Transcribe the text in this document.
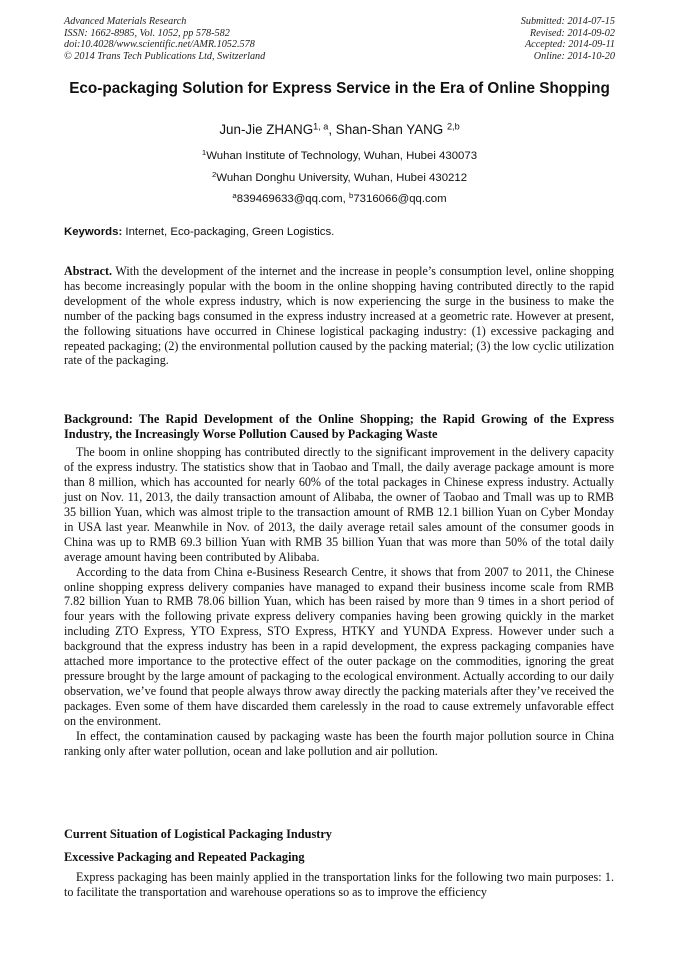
Advanced Materials Research
ISSN: 1662-8985, Vol. 1052, pp 578-582
doi:10.4028/www.scientific.net/AMR.1052.578
© 2014 Trans Tech Publications Ltd, Switzerland
Submitted: 2014-07-15
Revised: 2014-09-02
Accepted: 2014-09-11
Online: 2014-10-20
Eco-packaging Solution for Express Service in the Era of Online Shopping
Jun-Jie ZHANG$^{1, a}$, Shan-Shan YANG $^{2,b}$
$^1$Wuhan Institute of Technology, Wuhan, Hubei 430073
$^2$Wuhan Donghu University, Wuhan, Hubei 430212
$^a$839469633@qq.com, $^b$7316066@qq.com
Keywords: Internet, Eco-packaging, Green Logistics.

Abstract. With the development of the internet and the increase in people’s consumption level, online shopping has become increasingly popular with the boom in the online shopping having contributed directly to the rapid development of the whole express industry, which is now experiencing the surge in the business to make the number of the packing bags consumed in the express industry increased at a geometric rate. However at present, the following situations have occurred in Chinese logistical packaging industry: (1) excessive packaging and repeated packaging; (2) the environmental pollution caused by the packing material; (3) the low cyclic utilization rate of the packaging.

Background: The Rapid Development of the Online Shopping; the Rapid Growing of the Express Industry, the Increasingly Worse Pollution Caused by Packaging Waste

The boom in online shopping has contributed directly to the significant improvement in the delivery capacity of the express industry. The statistics show that in Taobao and Tmall, the daily average package amount is more than 8 million, which has accounted for nearly 60% of the total packages in Chinese express industry. Actually just on Nov. 11, 2013, the daily transaction amount of Alibaba, the owner of Taobao and Tmall was up to RMB 35 billion Yuan, which was almost triple to the transaction amount of RMB 12.1 billion Yuan on Cyber Monday in USA last year. Meanwhile in Nov. of 2013, the daily average retail sales amount of the consumer goods in China was up to RMB 69.3 billion Yuan with RMB 35 billion Yuan that was more than 50% of the total daily average amount having been contributed by Alibaba.

According to the data from China e-Business Research Centre, it shows that from 2007 to 2011, the Chinese online shopping express delivery companies have managed to expand their business income scale from RMB 7.82 billion Yuan to RMB 78.06 billion Yuan, which has been raised by more than 9 times in a short period of four years with the following private express delivery companies having been growing quickly in the market including ZTO Express, YTO Express, STO Express, HTKY and YUNDA Express. However under such a background that the express industry has been in a rapid development, the express packaging companies have attached more importance to the protective effect of the outer package on the commodities, ignoring the great pressure brought by the large amount of packaging to the ecological environment. Actually according to our daily observation, we’ve found that people always throw away directly the packing materials after they’ve received the packages. Even some of them have discarded them carelessly in the road to cause extremely unfavorable effect on the environment.

In effect, the contamination caused by packaging waste has been the fourth major pollution source in China ranking only after water pollution, ocean and lake pollution and air pollution.

Current Situation of Logistical Packaging Industry

Excessive Packaging and Repeated Packaging

Express packaging has been mainly applied in the transportation links for the following two main purposes: 1. to facilitate the transportation and warehouse operations so as to improve the efficiency
